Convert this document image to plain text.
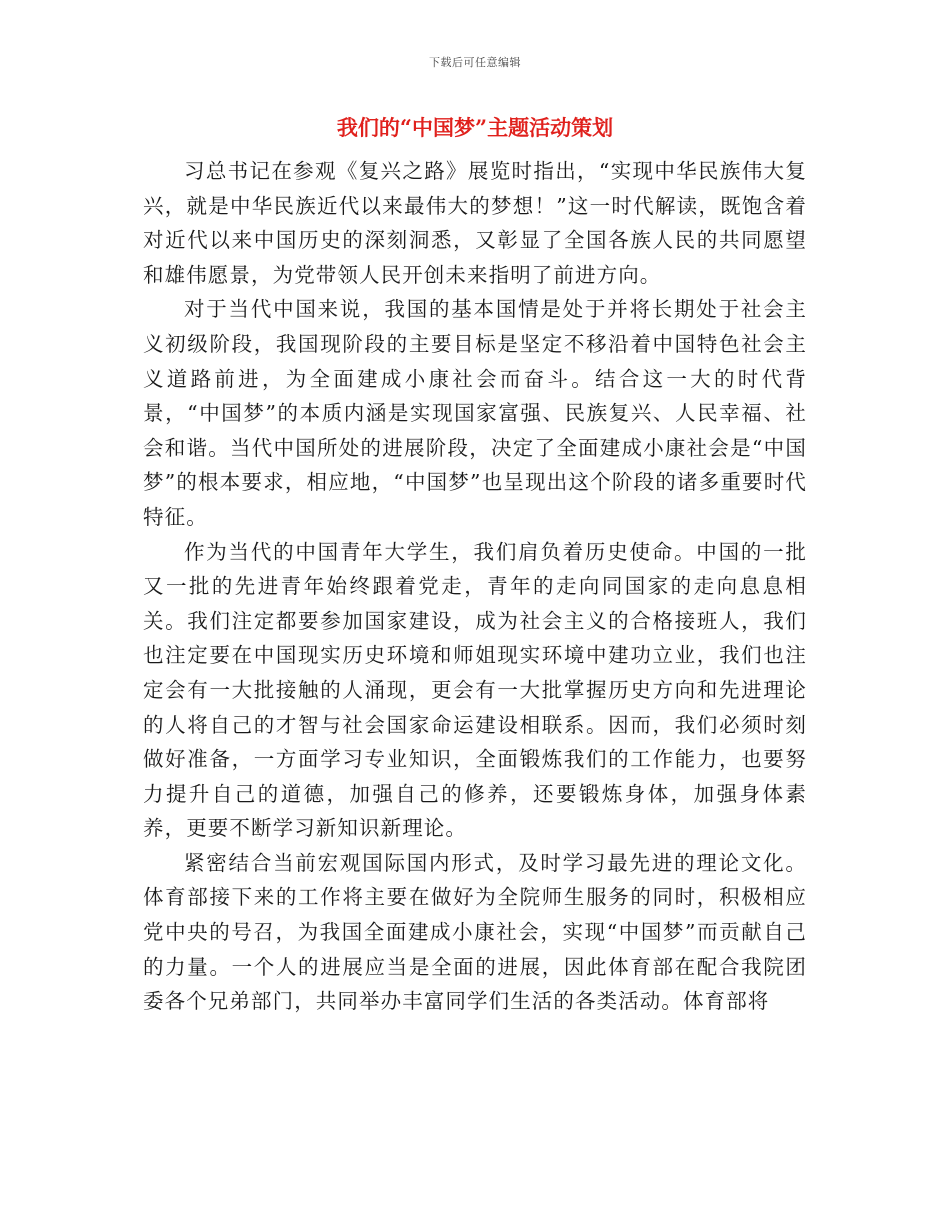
下载后可任意编辑
我们的“中国梦”主题活动策划

习总书记在参观《复兴之路》展览时指出，“实现中华民族伟大复兴，就是中华民族近代以来最伟大的梦想！”这一时代解读，既饱含着对近代以来中国历史的深刻洞悉，又彰显了全国各族人民的共同愿望和雄伟愿景，为党带领人民开创未来指明了前进方向。

对于当代中国来说，我国的基本国情是处于并将长期处于社会主义初级阶段，我国现阶段的主要目标是坚定不移沿着中国特色社会主义道路前进，为全面建成小康社会而奋斗。结合这一大的时代背景，“中国梦”的本质内涵是实现国家富强、民族复兴、人民幸福、社会和谐。当代中国所处的进展阶段，决定了全面建成小康社会是“中国梦”的根本要求，相应地，“中国梦”也呈现出这个阶段的诸多重要时代特征。

作为当代的中国青年大学生，我们肩负着历史使命。中国的一批又一批的先进青年始终跟着党走，青年的走向同国家的走向息息相关。我们注定都要参加国家建设，成为社会主义的合格接班人，我们也注定要在中国现实历史环境和师姐现实环境中建功立业，我们也注定会有一大批接触的人涌现，更会有一大批掌握历史方向和先进理论的人将自己的才智与社会国家命运建设相联系。因而，我们必须时刻做好准备，一方面学习专业知识，全面锻炼我们的工作能力，也要努力提升自己的道德，加强自己的修养，还要锻炼身体，加强身体素养，更要不断学习新知识新理论。

紧密结合当前宏观国际国内形式，及时学习最先进的理论文化。体育部接下来的工作将主要在做好为全院师生服务的同时，积极相应党中央的号召，为我国全面建成小康社会，实现“中国梦”而贡献自己的力量。一个人的进展应当是全面的进展，因此体育部在配合我院团委各个兄弟部门，共同举办丰富同学们生活的各类活动。体育部将
